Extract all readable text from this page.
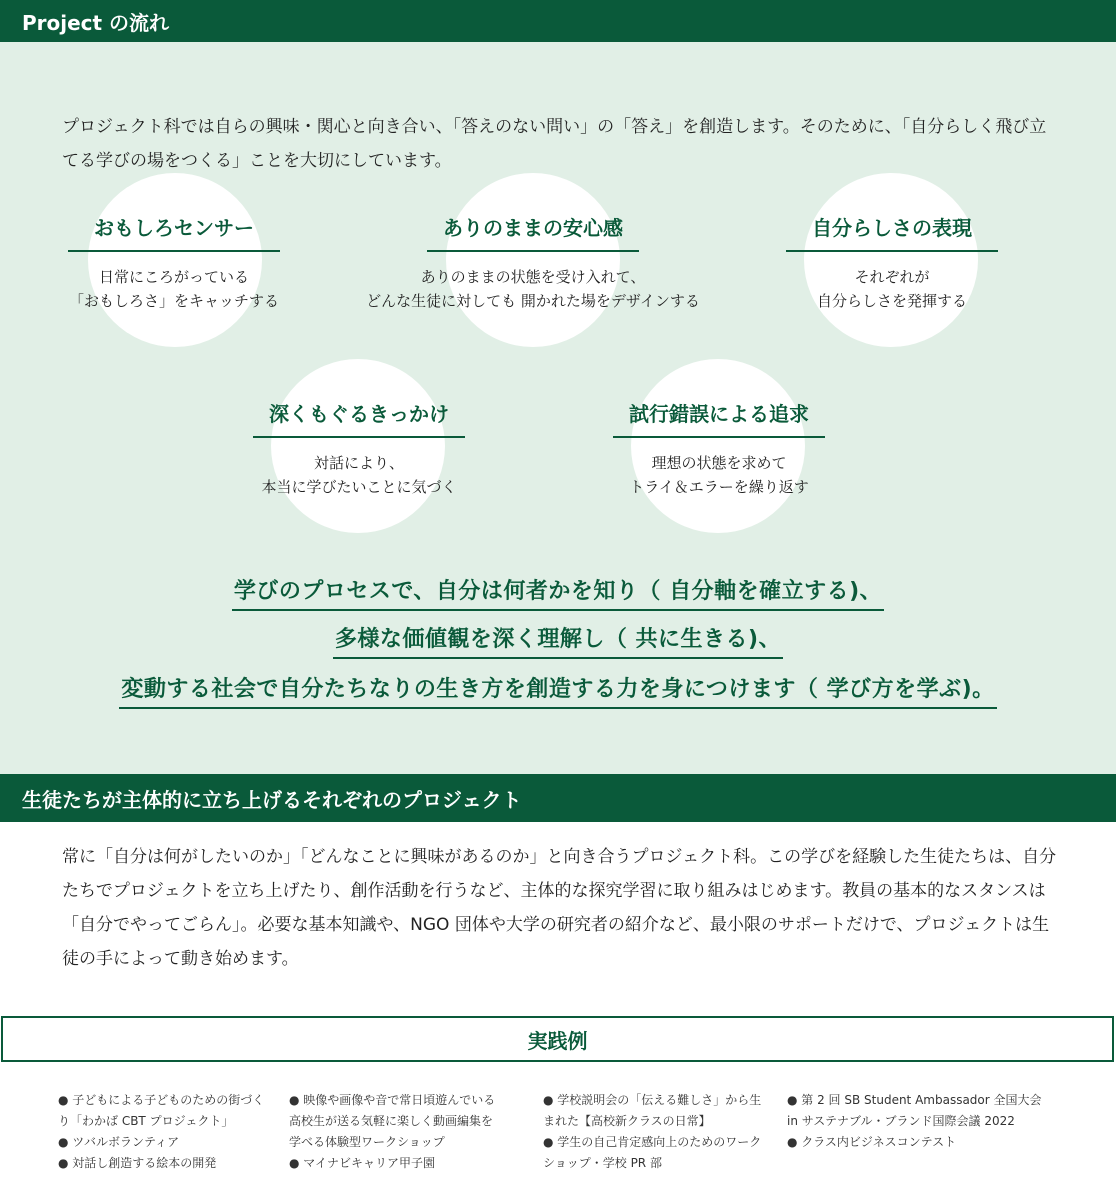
Project の流れ

プロジェクト科では自らの興味・関心と向き合い、「答えのない問い」の「答え」を創造します。そのために、「自分らしく飛び立てる学びの場をつくる」ことを大切にしています。

おもしろセンサー
日常にころがっている
「おもしろさ」をキャッチする
ありのままの安心感
ありのままの状態を受け入れて、
どんな生徒に対しても 開かれた場をデザインする
自分らしさの表現
それぞれが
自分らしさを発揮する
深くもぐるきっかけ
対話により、
本当に学びたいことに気づく
試行錯誤による追求
理想の状態を求めて
トライ＆エラーを繰り返す
学びのプロセスで、自分は何者かを知り（ 自分軸を確立する)、
多様な価値観を深く理解し（ 共に生きる)、
変動する社会で自分たちなりの生き方を創造する力を身につけます（ 学び方を学ぶ)。
生徒たちが主体的に立ち上げるそれぞれのプロジェクト

常に「自分は何がしたいのか」「どんなことに興味があるのか」と向き合うプロジェクト科。この学びを経験した生徒たちは、自分たちでプロジェクトを立ち上げたり、創作活動を行うなど、主体的な探究学習に取り組みはじめます。教員の基本的なスタンスは「自分でやってごらん」。必要な基本知識や、NGO 団体や大学の研究者の紹介など、最小限のサポートだけで、プロジェクトは生徒の手によって動き始めます。

実践例

● 子どもによる子どものための街づくり「わかば CBT プロジェクト」

● ツバルボランティア

● 対話し創造する絵本の開発

● 映像や画像や音で常日頃遊んでいる高校生が送る気軽に楽しく動画編集を学べる体験型ワークショップ

● マイナビキャリア甲子園

● 学校説明会の「伝える難しさ」から生まれた【高校新クラスの日常】

● 学生の自己肯定感向上のためのワークショップ・学校 PR 部

● 第 2 回 SB Student Ambassador 全国大会 in サステナブル・ブランド国際会議 2022

● クラス内ビジネスコンテスト
